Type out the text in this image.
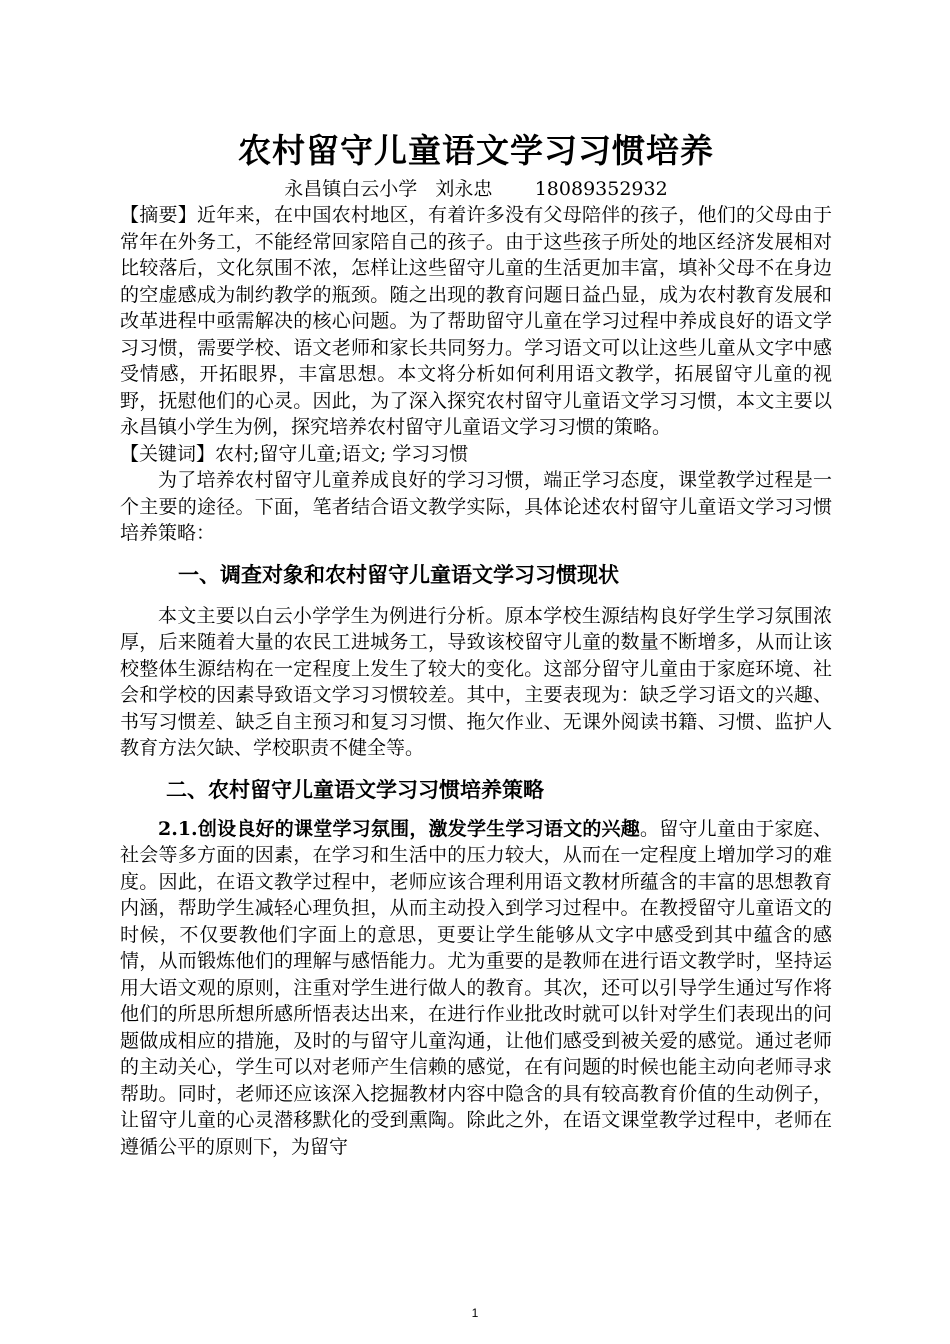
农村留守儿童语文学习习惯培养

永昌镇白云小学 刘永忠 18089352932

【摘要】近年来，在中国农村地区，有着许多没有父母陪伴的孩子，他们的父母由于常年在外务工，不能经常回家陪自己的孩子。由于这些孩子所处的地区经济发展相对比较落后，文化氛围不浓，怎样让这些留守儿童的生活更加丰富，填补父母不在身边的空虚感成为制约教学的瓶颈。随之出现的教育问题日益凸显，成为农村教育发展和改革进程中亟需解决的核心问题。为了帮助留守儿童在学习过程中养成良好的语文学习习惯，需要学校、语文老师和家长共同努力。学习语文可以让这些儿童从文字中感受情感，开拓眼界，丰富思想。本文将分析如何利用语文教学，拓展留守儿童的视野，抚慰他们的心灵。因此，为了深入探究农村留守儿童语文学习习惯，本文主要以永昌镇小学生为例，探究培养农村留守儿童语文学习习惯的策略。

【关键词】农村;留守儿童;语文; 学习习惯

为了培养农村留守儿童养成良好的学习习惯，端正学习态度，课堂教学过程是一个主要的途径。下面，笔者结合语文教学实际，具体论述农村留守儿童语文学习习惯培养策略：

一、调查对象和农村留守儿童语文学习习惯现状

本文主要以白云小学学生为例进行分析。原本学校生源结构良好学生学习氛围浓厚，后来随着大量的农民工进城务工，导致该校留守儿童的数量不断增多，从而让该校整体生源结构在一定程度上发生了较大的变化。这部分留守儿童由于家庭环境、社会和学校的因素导致语文学习习惯较差。其中，主要表现为：缺乏学习语文的兴趣、书写习惯差、缺乏自主预习和复习习惯、拖欠作业、无课外阅读书籍、习惯、监护人教育方法欠缺、学校职责不健全等。

二、农村留守儿童语文学习习惯培养策略

2.1.创设良好的课堂学习氛围，激发学生学习语文的兴趣。留守儿童由于家庭、社会等多方面的因素，在学习和生活中的压力较大，从而在一定程度上增加学习的难度。因此，在语文教学过程中，老师应该合理利用语文教材所蕴含的丰富的思想教育内涵，帮助学生减轻心理负担，从而主动投入到学习过程中。在教授留守儿童语文的时候，不仅要教他们字面上的意思，更要让学生能够从文字中感受到其中蕴含的感情，从而锻炼他们的理解与感悟能力。尤为重要的是教师在进行语文教学时，坚持运用大语文观的原则，注重对学生进行做人的教育。其次，还可以引导学生通过写作将他们的所思所想所感所悟表达出来，在进行作业批改时就可以针对学生们表现出的问题做成相应的措施，及时的与留守儿童沟通，让他们感受到被关爱的感觉。通过老师的主动关心，学生可以对老师产生信赖的感觉，在有问题的时候也能主动向老师寻求帮助。同时，老师还应该深入挖掘教材内容中隐含的具有较高教育价值的生动例子，让留守儿童的心灵潜移默化的受到熏陶。除此之外，在语文课堂教学过程中，老师在遵循公平的原则下，为留守

1
